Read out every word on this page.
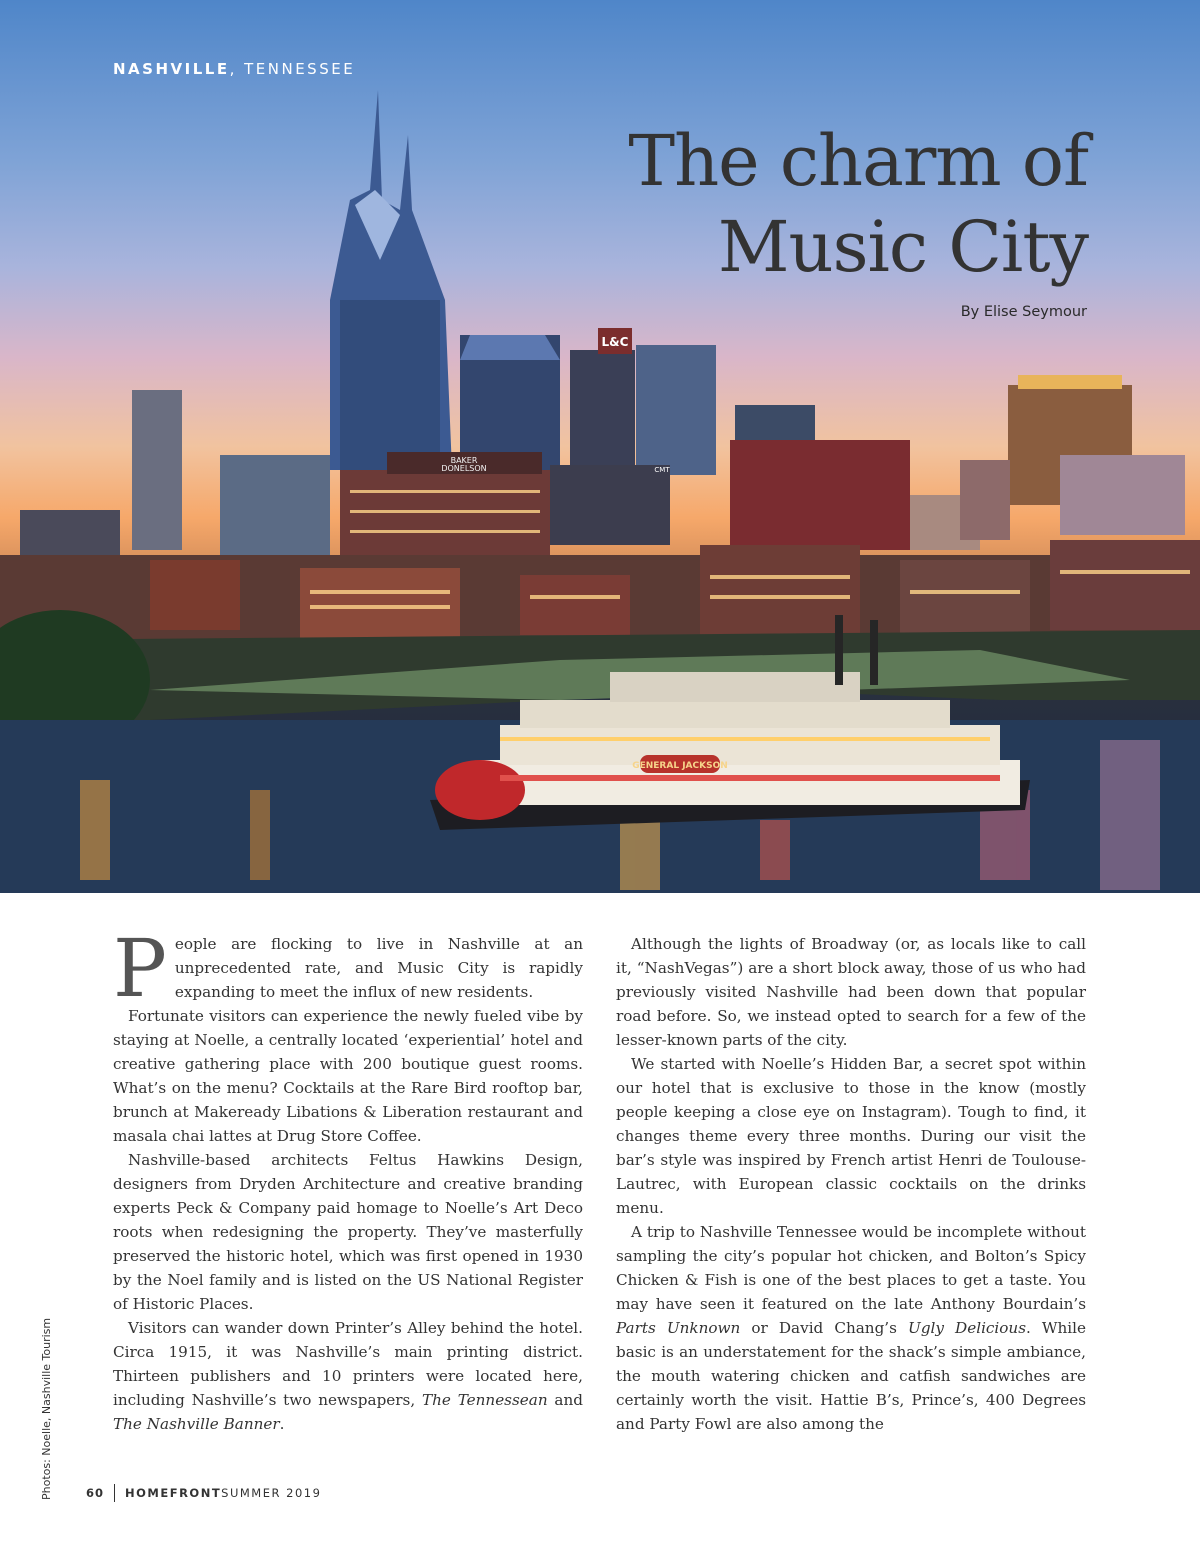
BAKER
DONELSON
L&C
CMT
GENERAL JACKSON

NASHVILLE, TENNESSEE

The charm of
Music City

By Elise Seymour

People are flocking to live in Nashville at an unprecedented rate, and Music City is rapidly expanding to meet the influx of new residents.

Fortunate visitors can experience the newly fueled vibe by staying at Noelle, a centrally located ‘experiential’ hotel and creative gathering place with 200 boutique guest rooms. What’s on the menu? Cocktails at the Rare Bird rooftop bar, brunch at Makeready Libations & Liberation restaurant and masala chai lattes at Drug Store Coffee.

Nashville-based architects Feltus Hawkins Design, designers from Dryden Architecture and creative branding experts Peck & Company paid homage to Noelle’s Art Deco roots when redesigning the property. They’ve masterfully preserved the historic hotel, which was first opened in 1930 by the Noel family and is listed on the US National Register of Historic Places.

Visitors can wander down Printer’s Alley behind the hotel. Circa 1915, it was Nashville’s main printing district. Thirteen publishers and 10 printers were located here, including Nashville’s two newspapers, The Tennessean and The Nashville Banner.

Although the lights of Broadway (or, as locals like to call it, “NashVegas”) are a short block away, those of us who had previously visited Nashville had been down that popular road before. So, we instead opted to search for a few of the lesser-known parts of the city.

We started with Noelle’s Hidden Bar, a secret spot within our hotel that is exclusive to those in the know (mostly people keeping a close eye on Instagram). Tough to find, it changes theme every three months. During our visit the bar’s style was inspired by French artist Henri de Toulouse-Lautrec, with European classic cocktails on the drinks menu.

A trip to Nashville Tennessee would be incomplete without sampling the city’s popular hot chicken, and Bolton’s Spicy Chicken & Fish is one of the best places to get a taste. You may have seen it featured on the late Anthony Bourdain’s Parts Unknown or David Chang’s Ugly Delicious. While basic is an understatement for the shack’s simple ambiance, the mouth watering chicken and catfish sandwiches are certainly worth the visit. Hattie B’s, Prince’s, 400 Degrees and Party Fowl are also among the

Photos: Noelle, Nashville Tourism	60 HOMEFRONT SUMMER 2019
